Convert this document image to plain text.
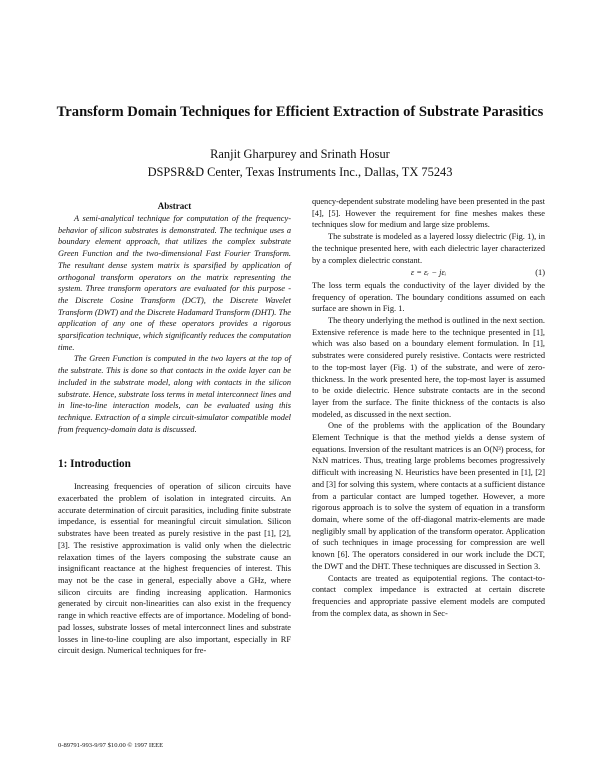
Transform Domain Techniques for Efficient Extraction of Substrate Parasitics
Ranjit Gharpurey and Srinath Hosur
DSPSR&D Center, Texas Instruments Inc., Dallas, TX 75243
Abstract

A semi-analytical technique for computation of the frequency-behavior of silicon substrates is demonstrated. The technique uses a boundary element approach, that utilizes the complex substrate Green Function and the two-dimensional Fast Fourier Transform. The resultant dense system matrix is sparsified by application of orthogonal transform operators on the matrix representing the system. Three transform operators are evaluated for this purpose - the Discrete Cosine Transform (DCT), the Discrete Wavelet Transform (DWT) and the Discrete Hadamard Transform (DHT). The application of any one of these operators provides a rigorous sparsification technique, which significantly reduces the computation time.

The Green Function is computed in the two layers at the top of the substrate. This is done so that contacts in the oxide layer can be included in the substrate model, along with contacts in the silicon substrate. Hence, substrate loss terms in metal interconnect lines and in line-to-line interaction models, can be evaluated using this technique. Extraction of a simple circuit-simulator compatible model from frequency-domain data is discussed.

1: Introduction

Increasing frequencies of operation of silicon circuits have exacerbated the problem of isolation in integrated circuits. An accurate determination of circuit parasitics, including finite substrate impedance, is essential for meaningful circuit simulation. Silicon substrates have been treated as purely resistive in the past [1], [2], [3]. The resistive approximation is valid only when the dielectric relaxation times of the layers composing the substrate cause an insignificant reactance at the highest frequencies of interest. This may not be the case in general, especially above a GHz, where silicon circuits are finding increasing application. Harmonics generated by circuit non-linearities can also exist in the frequency range in which reactive effects are of importance. Modeling of bond-pad losses, substrate losses of metal interconnect lines and substrate losses in line-to-line coupling are also important, especially in RF circuit design. Numerical techniques for fre-

quency-dependent substrate modeling have been presented in the past [4], [5]. However the requirement for fine meshes makes these techniques slow for medium and large size problems.

The substrate is modeled as a layered lossy dielectric (Fig. 1), in the technique presented here, with each dielectric layer characterized by a complex dielectric constant.

ε = εᵣ − jεᵢ	(1)

The loss term equals the conductivity of the layer divided by the frequency of operation. The boundary conditions assumed on each surface are shown in Fig. 1.

The theory underlying the method is outlined in the next section. Extensive reference is made here to the technique presented in [1], which was also based on a boundary element formulation. In [1], substrates were considered purely resistive. Contacts were restricted to the top-most layer (Fig. 1) of the substrate, and were of zero-thickness. In the work presented here, the top-most layer is assumed to be oxide dielectric. Hence substrate contacts are in the second layer from the surface. The finite thickness of the contacts is also modeled, as discussed in the next section.

One of the problems with the application of the Boundary Element Technique is that the method yields a dense system of equations. Inversion of the resultant matrices is an O(N³) process, for NxN matrices. Thus, treating large problems becomes progressively difficult with increasing N. Heuristics have been presented in [1], [2] and [3] for solving this system, where contacts at a sufficient distance from a particular contact are lumped together. However, a more rigorous approach is to solve the system of equation in a transform domain, where some of the off-diagonal matrix-elements are made negligibly small by application of the transform operator. Application of such techniques in image processing for compression are well known [6]. The operators considered in our work include the DCT, the DWT and the DHT. These techniques are discussed in Section 3.

Contacts are treated as equipotential regions. The contact-to-contact complex impedance is extracted at certain discrete frequencies and appropriate passive element models are computed from the complex data, as shown in Sec-

0-89791-993-9/97 $10.00 © 1997 IEEE
